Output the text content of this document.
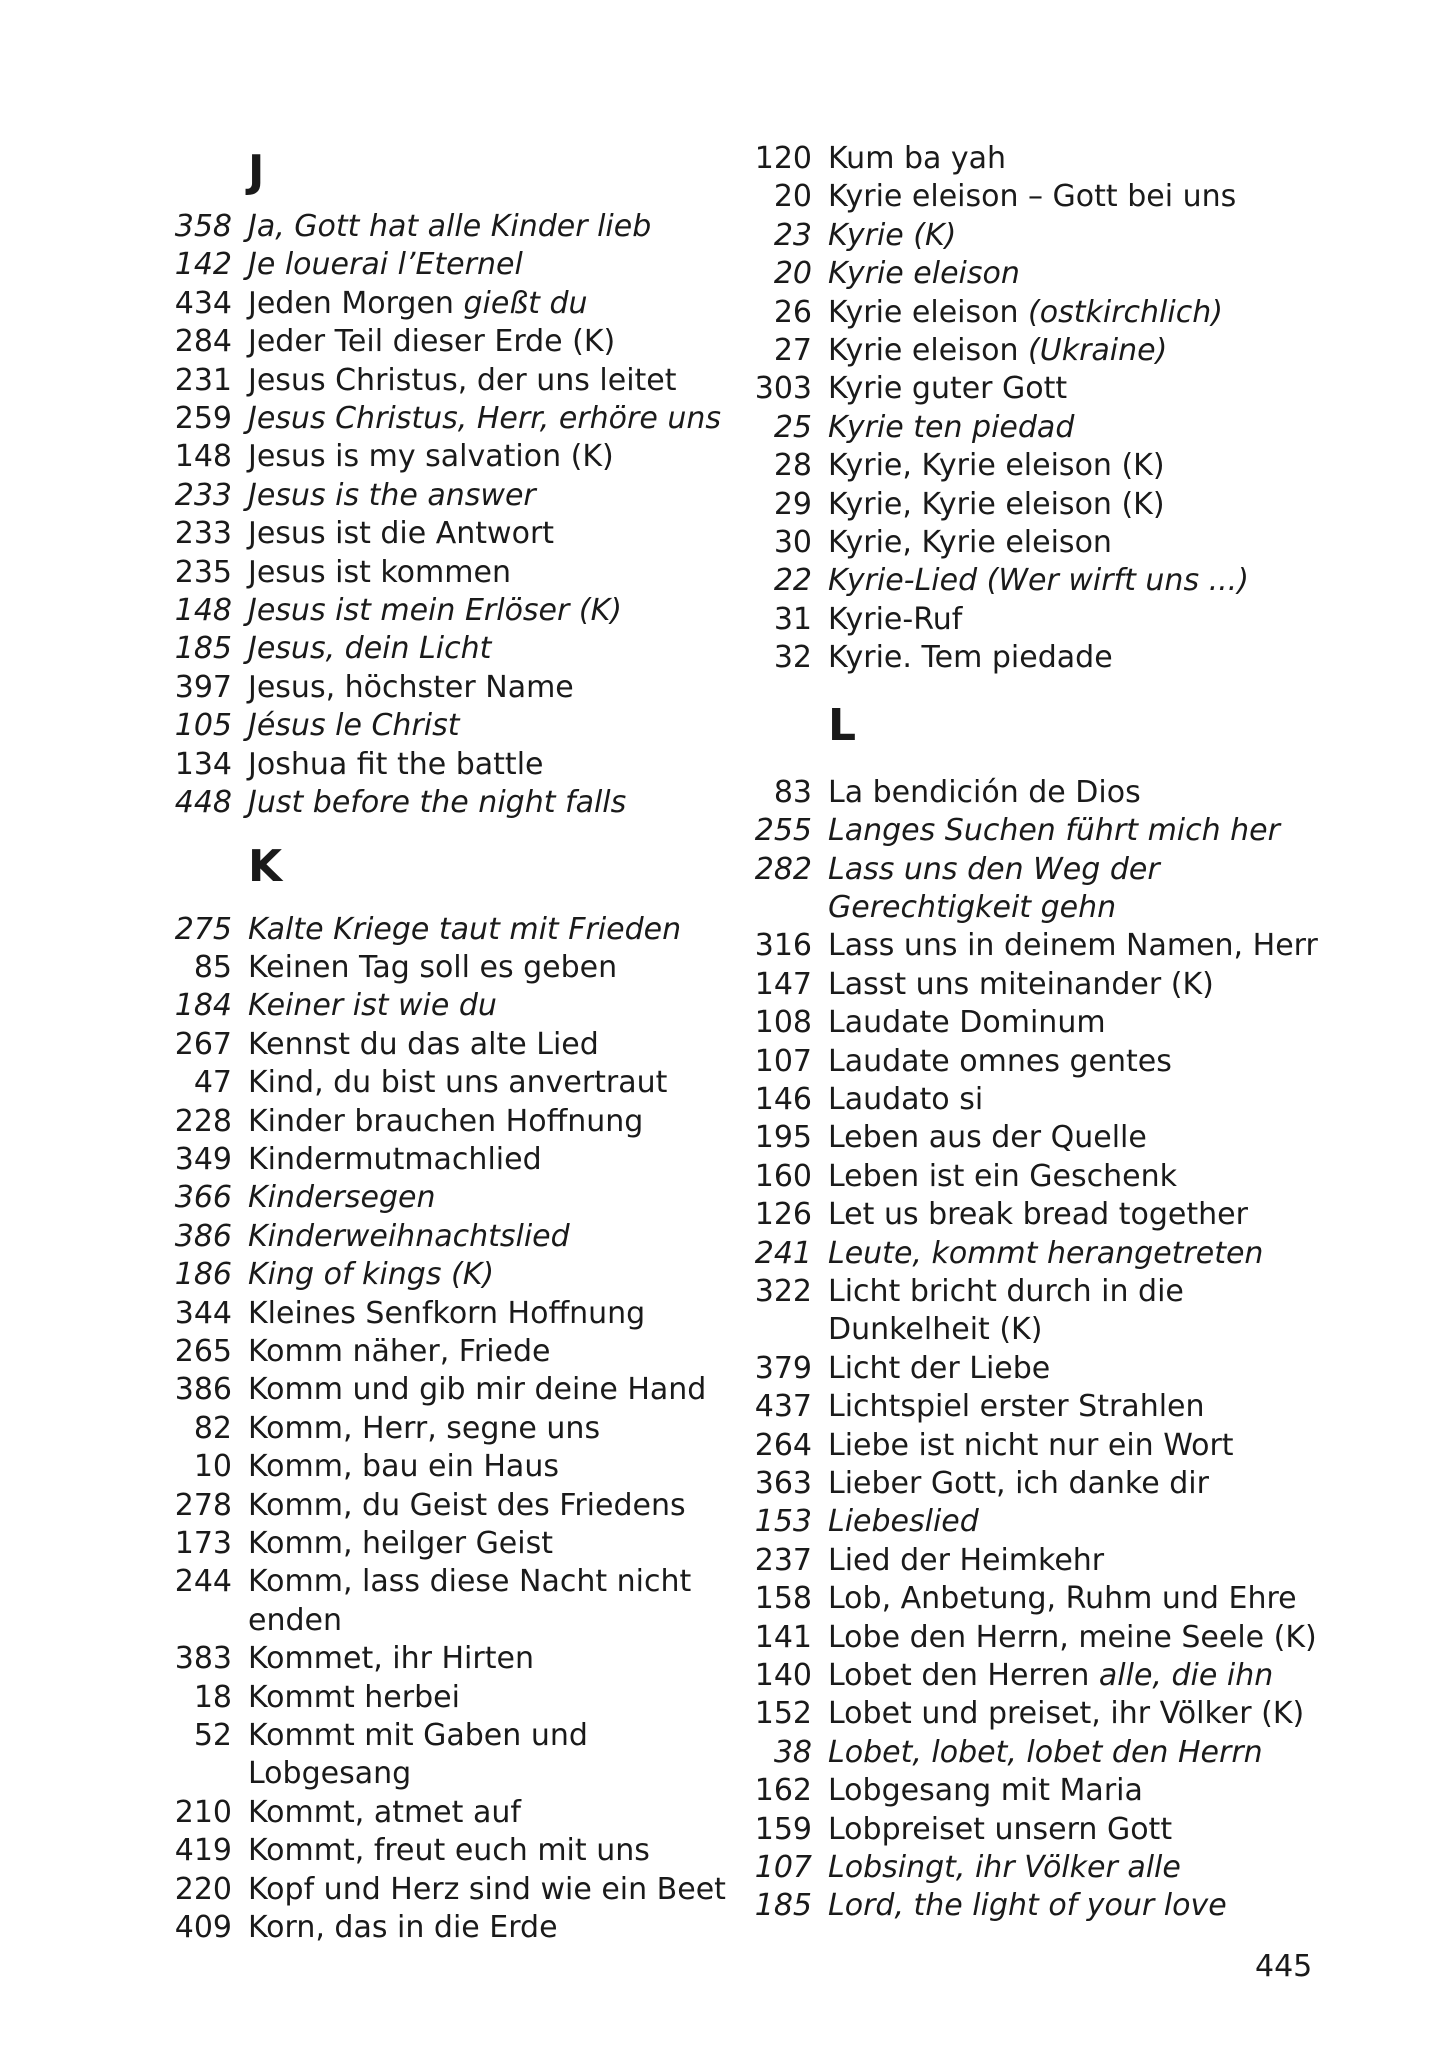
J
358 Ja, Gott hat alle Kinder lieb
142 Je louerai l’Eternel
434 Jeden Morgen gießt du
284 Jeder Teil dieser Erde (K)
231 Jesus Christus, der uns leitet
259 Jesus Christus, Herr, erhöre uns
148 Jesus is my salvation (K)
233 Jesus is the answer
233 Jesus ist die Antwort
235 Jesus ist kommen
148 Jesus ist mein Erlöser (K)
185 Jesus, dein Licht
397 Jesus, höchster Name
105 Jésus le Christ
134 Joshua fit the battle
448 Just before the night falls
K
275 Kalte Kriege taut mit Frieden
85 Keinen Tag soll es geben
184 Keiner ist wie du
267 Kennst du das alte Lied
47 Kind, du bist uns anvertraut
228 Kinder brauchen Hoffnung
349 Kindermutmachlied
366 Kindersegen
386 Kinderweihnachtslied
186 King of kings (K)
344 Kleines Senfkorn Hoffnung
265 Komm näher, Friede
386 Komm und gib mir deine Hand
82 Komm, Herr, segne uns
10 Komm, bau ein Haus
278 Komm, du Geist des Friedens
173 Komm, heilger Geist
244 Komm, lass diese Nacht nicht
enden
383 Kommet, ihr Hirten
18 Kommt herbei
52 Kommt mit Gaben und
Lobgesang
210 Kommt, atmet auf
419 Kommt, freut euch mit uns
220 Kopf und Herz sind wie ein Beet
409 Korn, das in die Erde
120 Kum ba yah
20 Kyrie eleison – Gott bei uns
23 Kyrie (K)
20 Kyrie eleison
26 Kyrie eleison (ostkirchlich)
27 Kyrie eleison (Ukraine)
303 Kyrie guter Gott
25 Kyrie ten piedad
28 Kyrie, Kyrie eleison (K)
29 Kyrie, Kyrie eleison (K)
30 Kyrie, Kyrie eleison
22 Kyrie-Lied (Wer wirft uns ...)
31 Kyrie-Ruf
32 Kyrie. Tem piedade
L
83 La bendición de Dios
255 Langes Suchen führt mich her
282 Lass uns den Weg der
Gerechtigkeit gehn
316 Lass uns in deinem Namen, Herr
147 Lasst uns miteinander (K)
108 Laudate Dominum
107 Laudate omnes gentes
146 Laudato si
195 Leben aus der Quelle
160 Leben ist ein Geschenk
126 Let us break bread together
241 Leute, kommt herangetreten
322 Licht bricht durch in die
Dunkelheit (K)
379 Licht der Liebe
437 Lichtspiel erster Strahlen
264 Liebe ist nicht nur ein Wort
363 Lieber Gott, ich danke dir
153 Liebeslied
237 Lied der Heimkehr
158 Lob, Anbetung, Ruhm und Ehre
141 Lobe den Herrn, meine Seele (K)
140 Lobet den Herren alle, die ihn
152 Lobet und preiset, ihr Völker (K)
38 Lobet, lobet, lobet den Herrn
162 Lobgesang mit Maria
159 Lobpreiset unsern Gott
107 Lobsingt, ihr Völker alle
185 Lord, the light of your love
445
